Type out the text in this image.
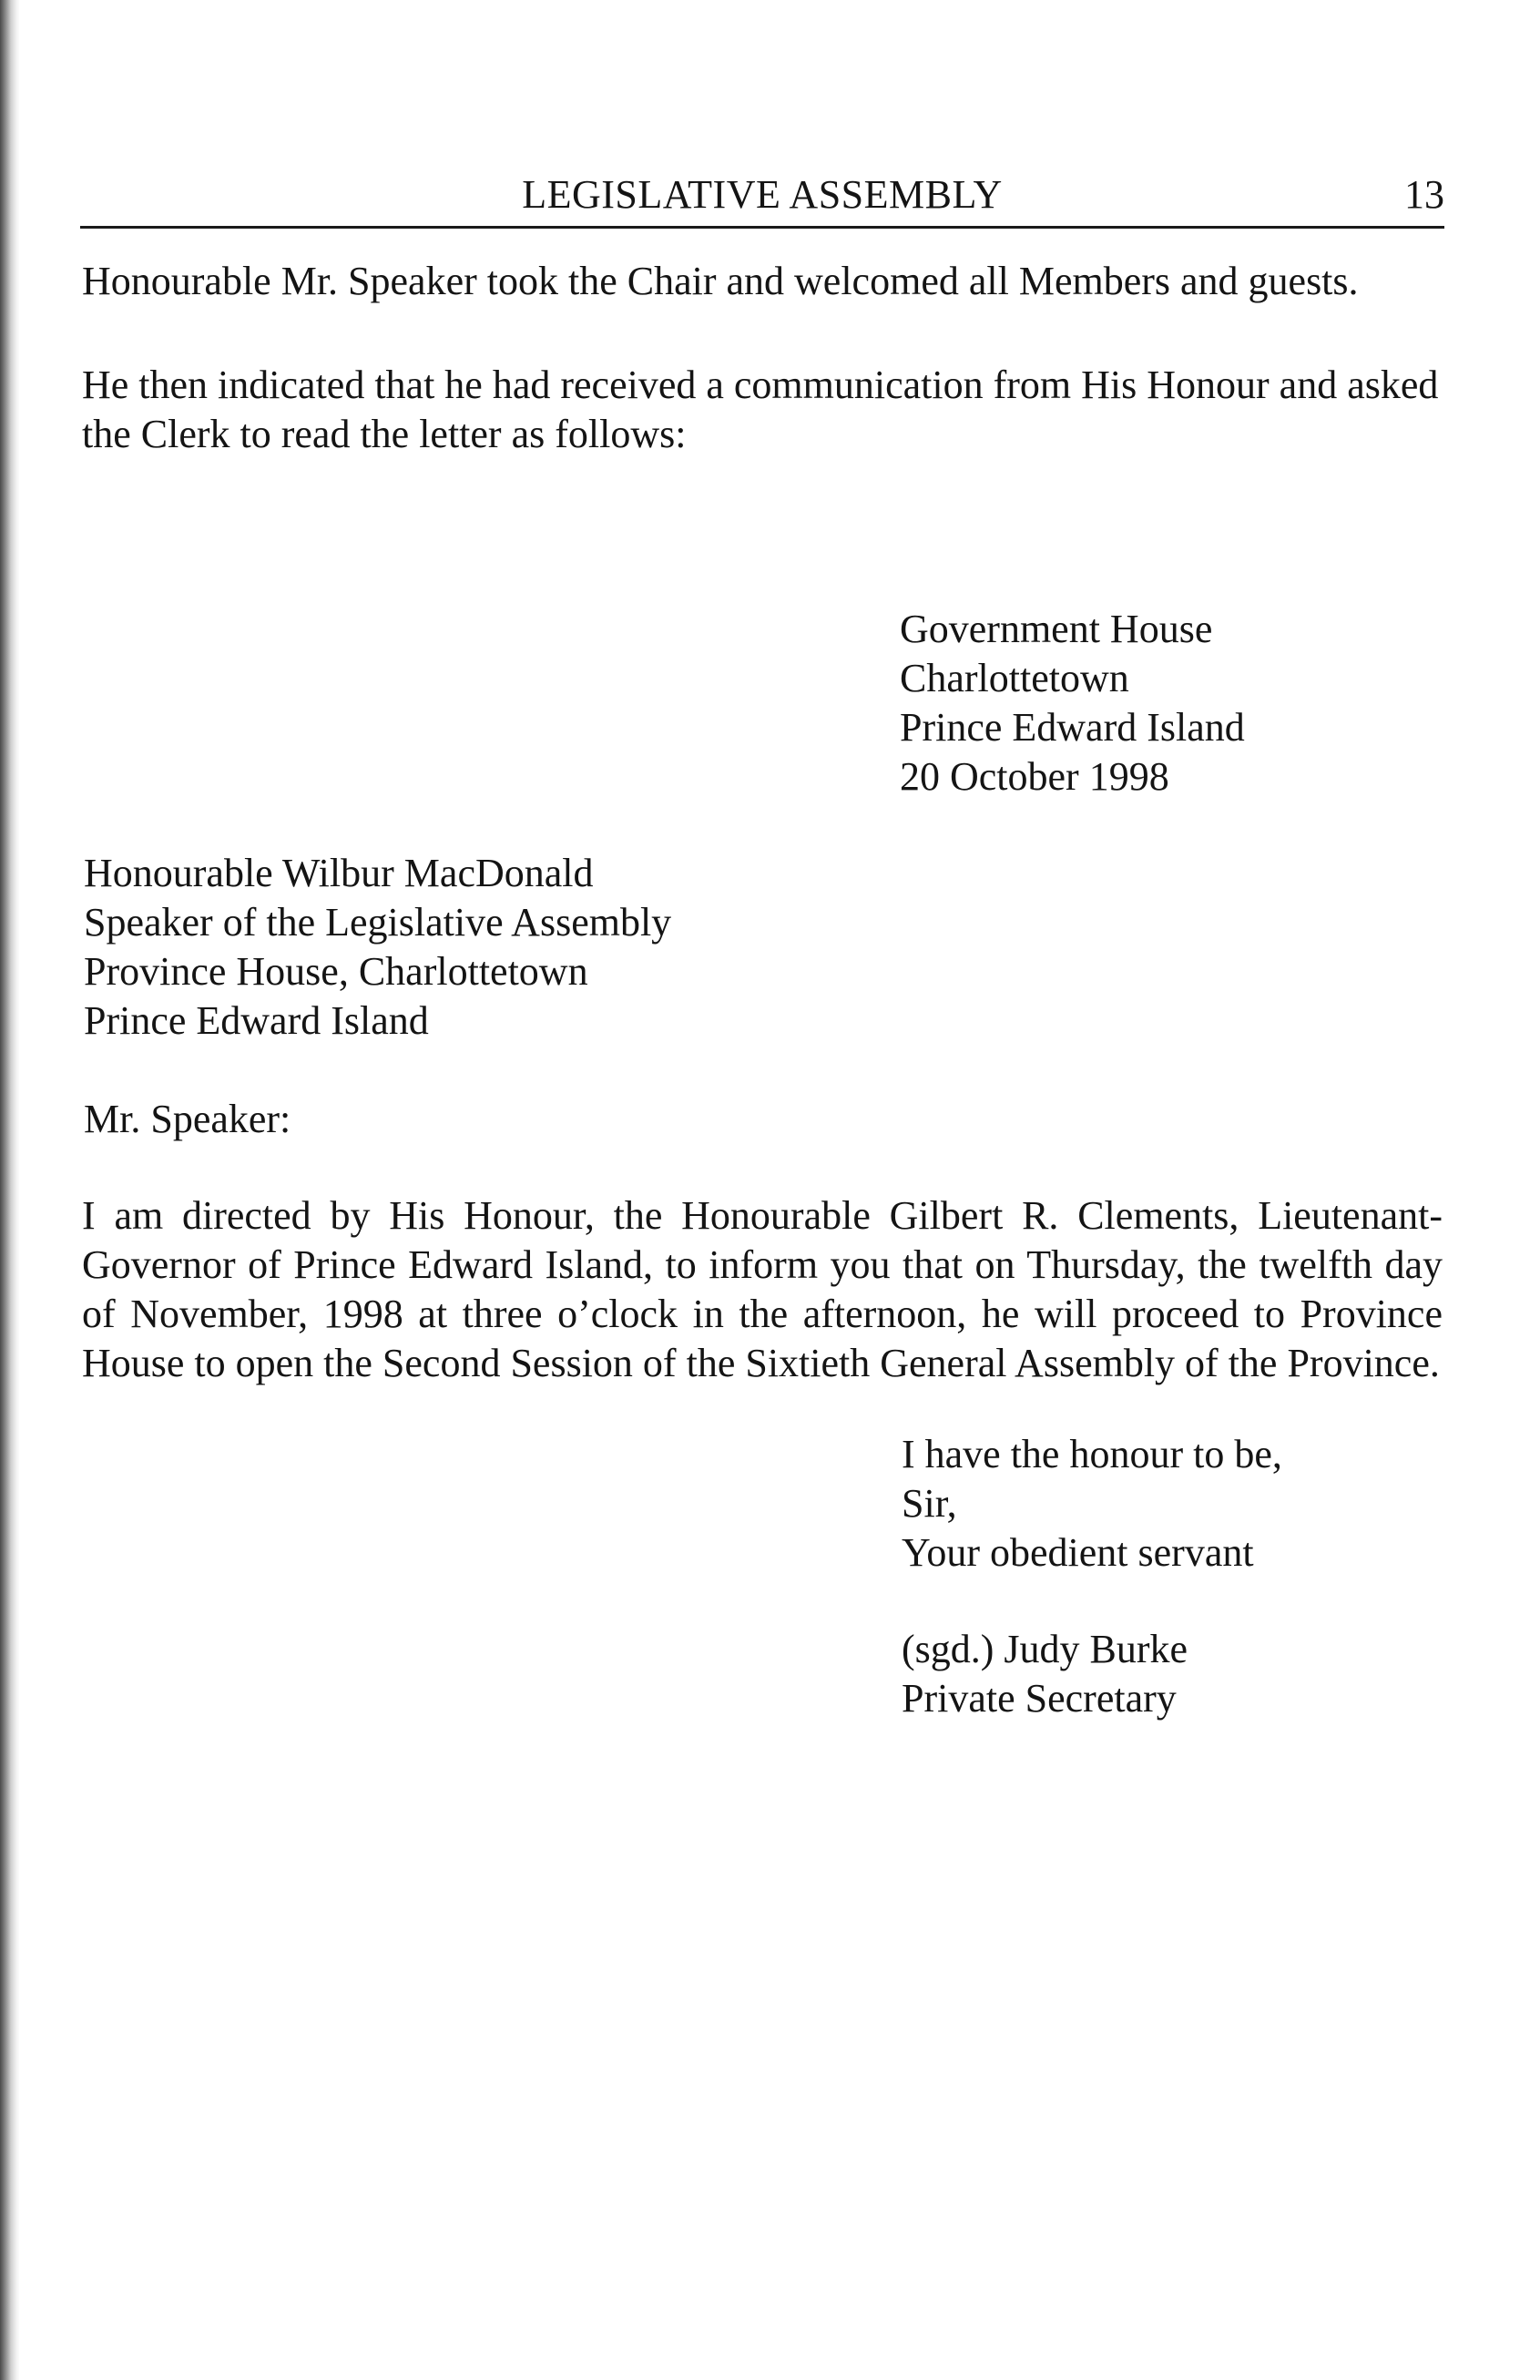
LEGISLATIVE ASSEMBLY	13

Honourable Mr. Speaker took the Chair and welcomed all Members and guests.

He then indicated that he had received a communication from His Honour and asked the Clerk to read the letter as follows:

Government House
Charlottetown
Prince Edward Island
20 October 1998
Honourable Wilbur MacDonald
Speaker of the Legislative Assembly
Province House, Charlottetown
Prince Edward Island

Mr. Speaker:

I am directed by His Honour, the Honourable Gilbert R. Clements, Lieutenant-Governor of Prince Edward Island, to inform you that on Thursday, the twelfth day of November, 1998 at three o’clock in the afternoon, he will proceed to Province House to open the Second Session of the Sixtieth General Assembly of the Province.

I have the honour to be,
Sir,
Your obedient servant
(sgd.) Judy Burke
Private Secretary
